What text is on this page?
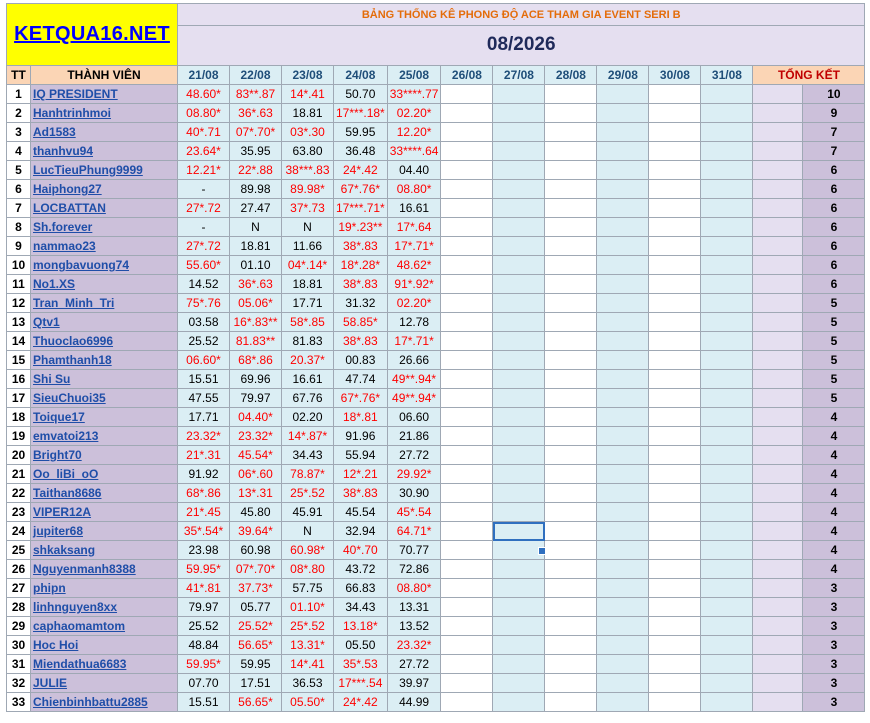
KETQUA16.NET		BẢNG THỐNG KÊ PHONG ĐỘ ACE THAM GIA EVENT SERI B												
		08/2026												
TT	THÀNH VIÊN	21/08	22/08	23/08	24/08	25/08	26/08	27/08	28/08	29/08	30/08	31/08	TỔNG KẾT	
1	IQ PRESIDENT	48.60*	83**.87	14*.41	50.70	33****.77								10
2	Hanhtrinhmoi	08.80*	36*.63	18.81	17***.18*	02.20*								9
3	Ad1583	40*.71	07*.70*	03*.30	59.95	12.20*								7
4	thanhvu94	23.64*	35.95	63.80	36.48	33****.64								7
5	LucTieuPhung9999	12.21*	22*.88	38***.83	24*.42	04.40								6
6	Haiphong27	-	89.98	89.98*	67*.76*	08.80*								6
7	LOCBATTAN	27*.72	27.47	37*.73	17***.71*	16.61								6
8	Sh.forever	-	N	N	19*.23**	17*.64								6
9	nammao23	27*.72	18.81	11.66	38*.83	17*.71*								6
10	mongbavuong74	55.60*	01.10	04*.14*	18*.28*	48.62*								6
11	No1.XS	14.52	36*.63	18.81	38*.83	91*.92*								6
12	Tran_Minh_Tri	75*.76	05.06*	17.71	31.32	02.20*								5
13	Qtv1	03.58	16*.83**	58*.85	58.85*	12.78								5
14	Thuoclao6996	25.52	81.83**	81.83	38*.83	17*.71*								5
15	Phamthanh18	06.60*	68*.86	20.37*	00.83	26.66								5
16	Shi Su	15.51	69.96	16.61	47.74	49**.94*								5
17	SieuChuoi35	47.55	79.97	67.76	67*.76*	49**.94*								5
18	Toique17	17.71	04.40*	02.20	18*.81	06.60								4
19	emvatoi213	23.32*	23.32*	14*.87*	91.96	21.86								4
20	Bright70	21*.31	45.54*	34.43	55.94	27.72								4
21	Oo_liBi_oO	91.92	06*.60	78.87*	12*.21	29.92*								4
22	Taithan8686	68*.86	13*.31	25*.52	38*.83	30.90								4
23	VIPER12A	21*.45	45.80	45.91	45.54	45*.54								4
24	jupiter68	35*.54*	39.64*	N	32.94	64.71*								4
25	shkaksang	23.98	60.98	60.98*	40*.70	70.77								4
26	Nguyenmanh8388	59.95*	07*.70*	08*.80	43.72	72.86								4
27	phipn	41*.81	37.73*	57.75	66.83	08.80*								3
28	linhnguyen8xx	79.97	05.77	01.10*	34.43	13.31								3
29	caphaomamtom	25.52	25.52*	25*.52	13.18*	13.52								3
30	Hoc Hoi	48.84	56.65*	13.31*	05.50	23.32*								3
31	Miendathua6683	59.95*	59.95	14*.41	35*.53	27.72								3
32	JULIE	07.70	17.51	36.53	17***.54	39.97								3
33	Chienbinhbattu2885	15.51	56.65*	05.50*	24*.42	44.99								3
